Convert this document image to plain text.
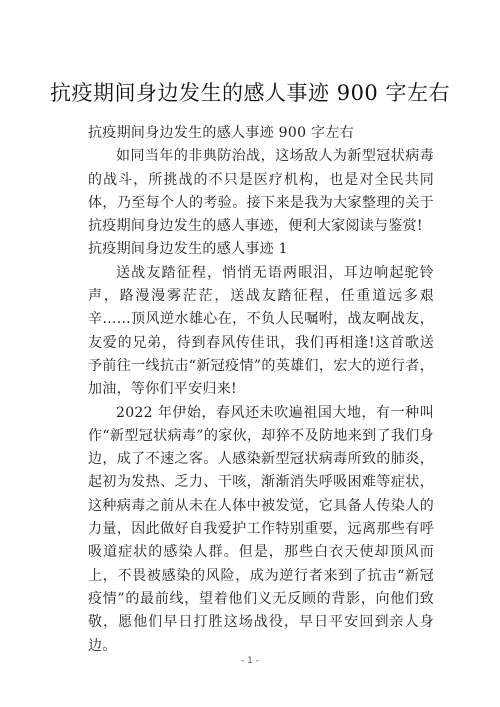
抗疫期间身边发生的感人事迹 900 字左右

抗疫期间身边发生的感人事迹 900 字左右

如同当年的非典防治战，这场敌人为新型冠状病毒的战斗，所挑战的不只是医疗机构，也是对全民共同体，乃至每个人的考验。接下来是我为大家整理的关于抗疫期间身边发生的感人事迹，便利大家阅读与鉴赏!

抗疫期间身边发生的感人事迹 1

送战友踏征程，悄悄无语两眼泪，耳边响起驼铃声，路漫漫雾茫茫，送战友踏征程，任重道远多艰辛……顶风逆水雄心在，不负人民嘱咐，战友啊战友，友爱的兄弟，待到春风传佳讯，我们再相逢!这首歌送予前往一线抗击“新冠疫情”的英雄们，宏大的逆行者，加油，等你们平安归来!

2022 年伊始，春风还未吹遍祖国大地，有一种叫作“新型冠状病毒”的家伙，却猝不及防地来到了我们身边，成了不速之客。人感染新型冠状病毒所致的肺炎，起初为发热、乏力、干咳，渐渐消失呼吸困难等症状，这种病毒之前从未在人体中被发觉，它具备人传染人的力量，因此做好自我爱护工作特别重要，远离那些有呼吸道症状的感染人群。但是，那些白衣天使却顶风而上，不畏被感染的风险，成为逆行者来到了抗击“新冠疫情”的最前线，望着他们义无反顾的背影，向他们致敬，愿他们早日打胜这场战役，早日平安回到亲人身边。

- 1 -
